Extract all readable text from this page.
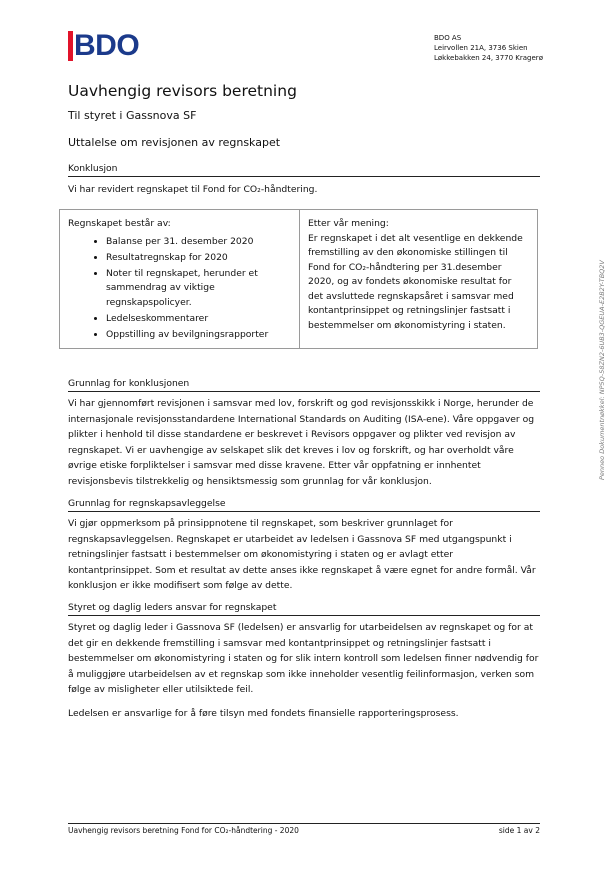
BDO	BDO AS
Leirvollen 21A, 3736 Skien
Løkkebakken 24, 3770 Kragerø
Uavhengig revisors beretning
Til styret i Gassnova SF
Uttalelse om revisjonen av regnskapet
Konklusjon

Vi har revidert regnskapet til Fond for CO₂-håndtering.

Regnskapet består av:
• Balanse per 31. desember 2020
• Resultatregnskap for 2020
• Noter til regnskapet, herunder et sammendrag av viktige regnskapspolicyer.
• Ledelseskommentarer
• Oppstilling av bevilgningsrapporter
Etter vår mening:
Er regnskapet i det alt vesentlige en dekkende fremstilling av den økonomiske stillingen til Fond for CO₂-håndtering per 31.desember 2020, og av fondets økonomiske resultat for det avsluttede regnskapsåret i samsvar med kontantprinsippet og retningslinjer fastsatt i bestemmelser om økonomistyring i staten.
Grunnlag for konklusjonen

Vi har gjennomført revisjonen i samsvar med lov, forskrift og god revisjonsskikk i Norge, herunder de internasjonale revisjonsstandardene International Standards on Auditing (ISA-ene). Våre oppgaver og plikter i henhold til disse standardene er beskrevet i Revisors oppgaver og plikter ved revisjon av regnskapet. Vi er uavhengige av selskapet slik det kreves i lov og forskrift, og har overholdt våre øvrige etiske forpliktelser i samsvar med disse kravene. Etter vår oppfatning er innhentet revisjonsbevis tilstrekkelig og hensiktsmessig som grunnlag for vår konklusjon.

Grunnlag for regnskapsavleggelse

Vi gjør oppmerksom på prinsippnotene til regnskapet, som beskriver grunnlaget for regnskapsavleggelsen. Regnskapet er utarbeidet av ledelsen i Gassnova SF med utgangspunkt i retningslinjer fastsatt i bestemmelser om økonomistyring i staten og er avlagt etter kontantprinsippet. Som et resultat av dette anses ikke regnskapet å være egnet for andre formål. Vår konklusjon er ikke modifisert som følge av dette.

Styret og daglig leders ansvar for regnskapet

Styret og daglig leder i Gassnova SF (ledelsen) er ansvarlig for utarbeidelsen av regnskapet og for at det gir en dekkende fremstilling i samsvar med kontantprinsippet og retningslinjer fastsatt i bestemmelser om økonomistyring i staten og for slik intern kontroll som ledelsen finner nødvendig for å muliggjøre utarbeidelsen av et regnskap som ikke inneholder vesentlig feilinformasjon, verken som følge av misligheter eller utilsiktede feil.

Ledelsen er ansvarlige for å føre tilsyn med fondets finansielle rapporteringsprosess.

Uavhengig revisors beretning Fond for CO₂-håndtering - 2020	side 1 av 2
Penneo Dokumentnøkkel: NP5Q-58ZN2-6UB3-QGEUA-E2B2Y-TBQ2V
